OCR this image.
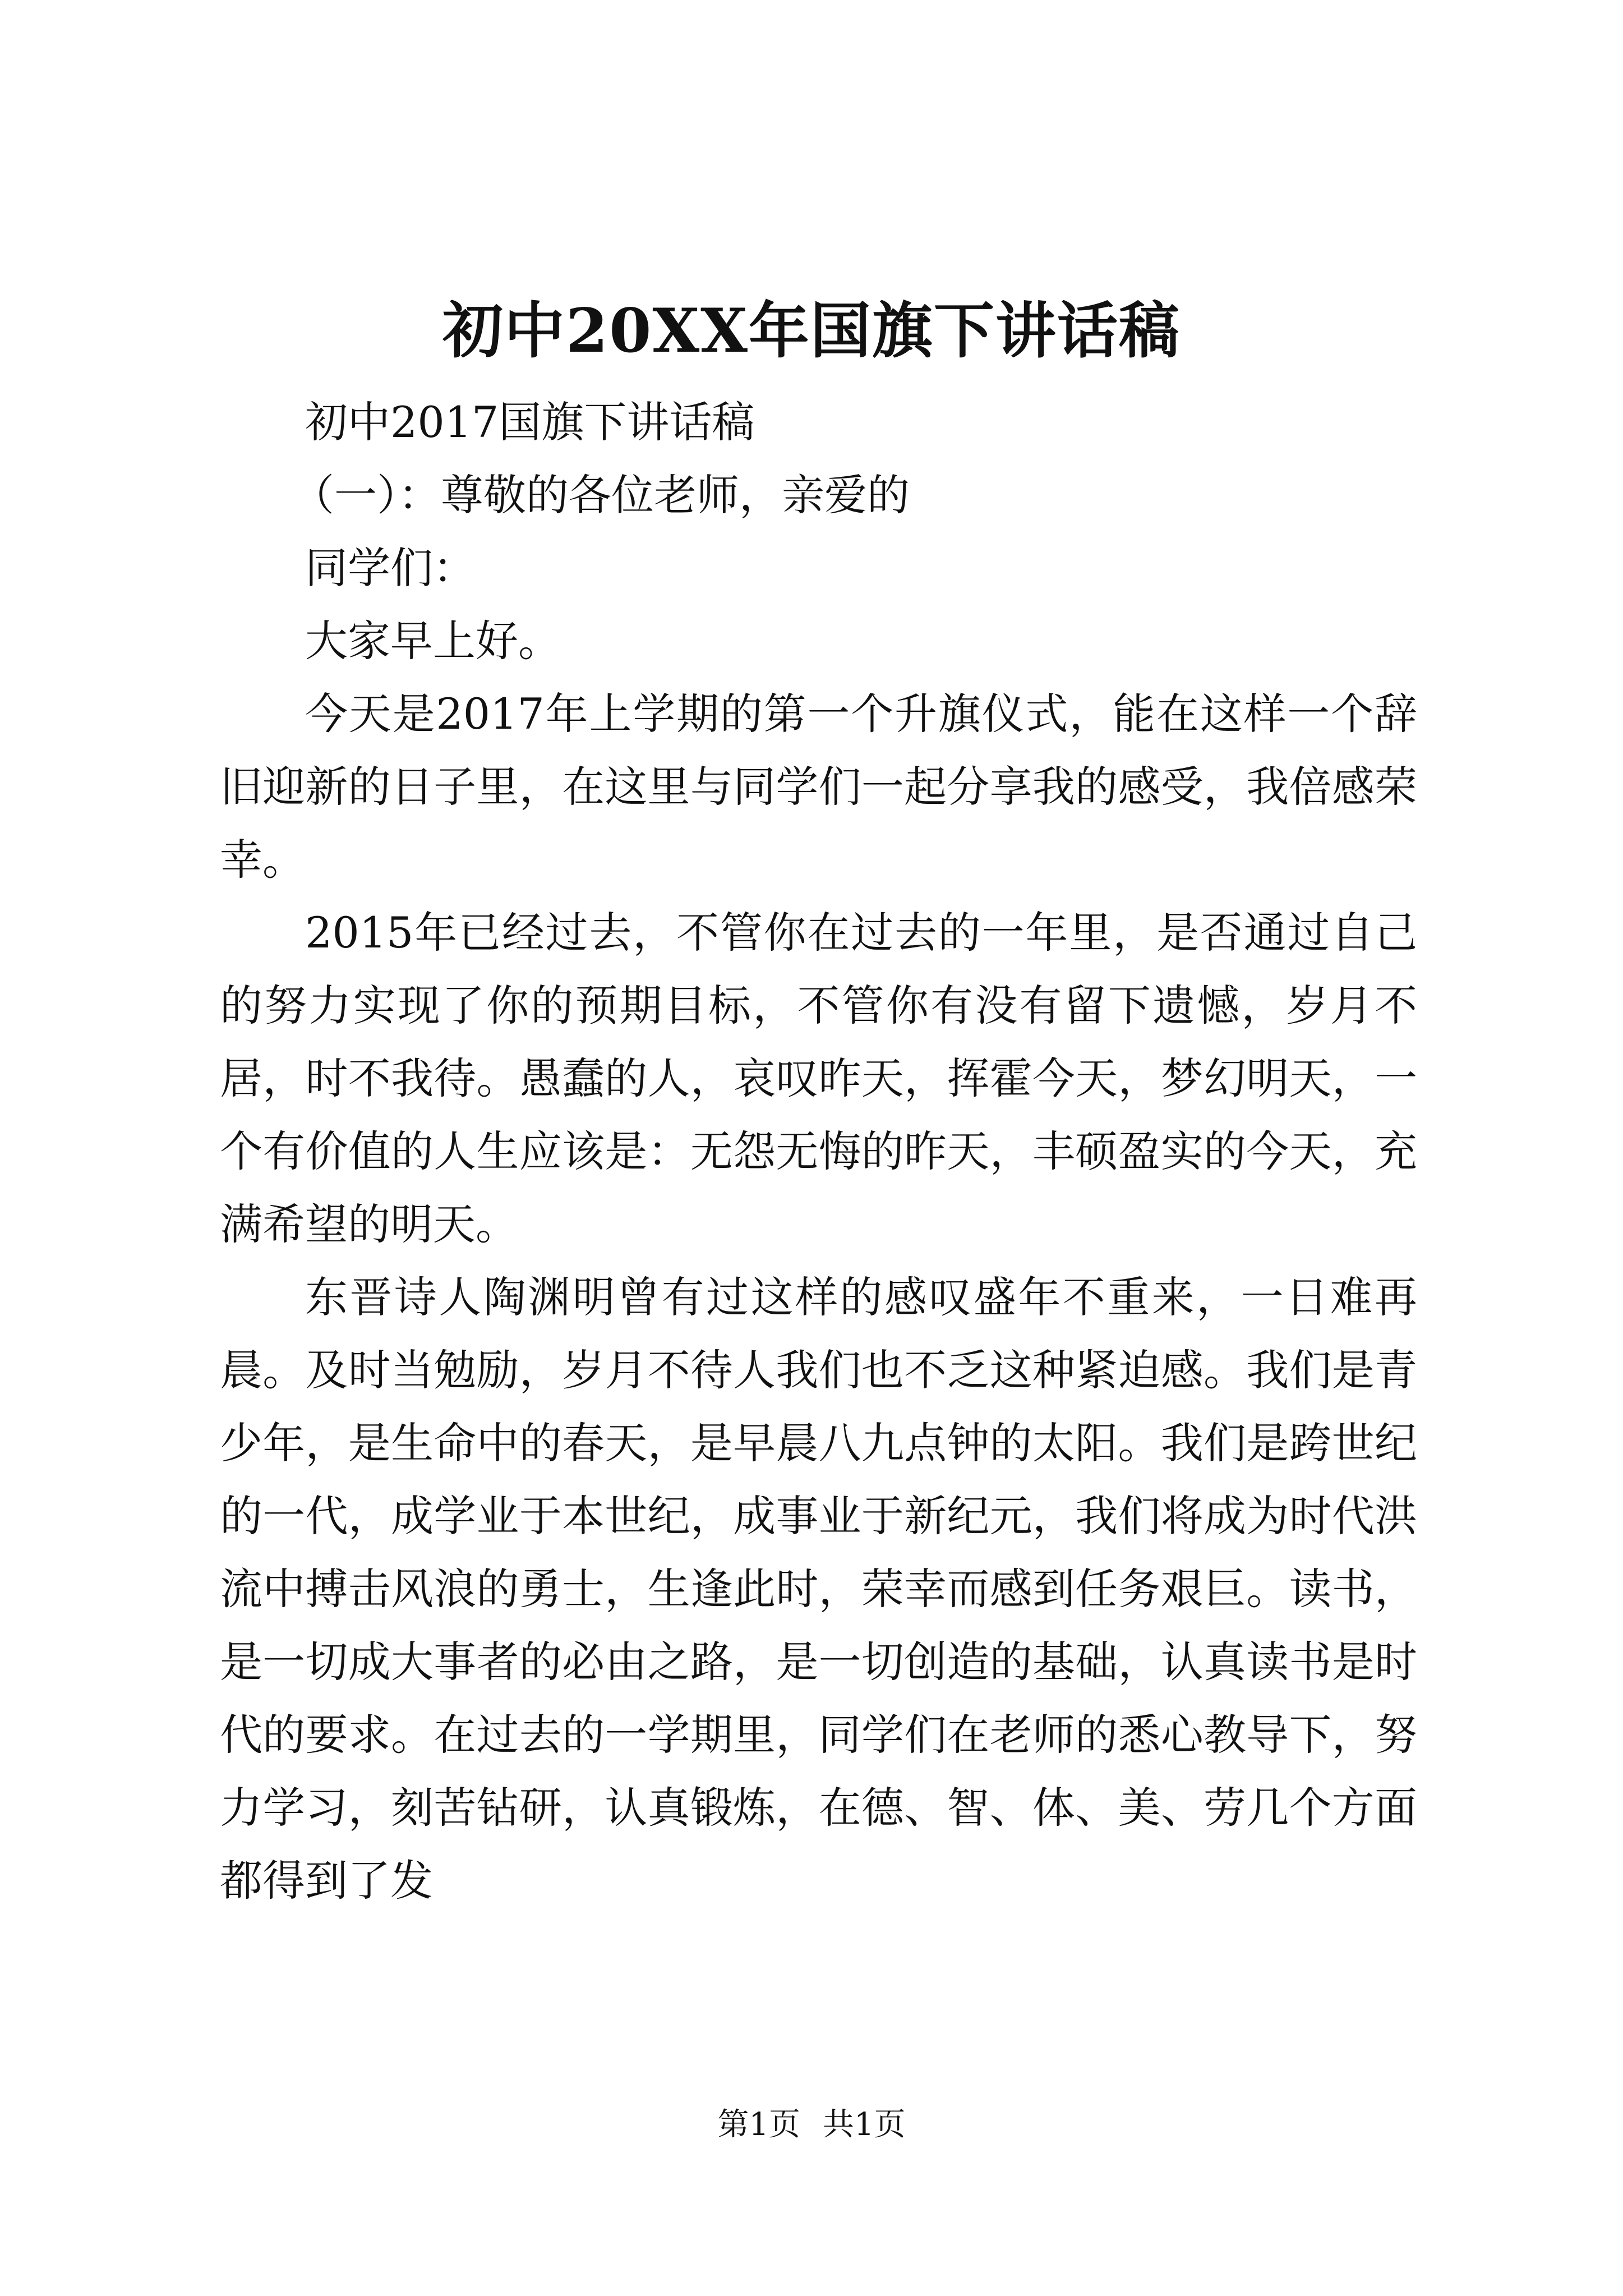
初中20XX年国旗下讲话稿

初中2017国旗下讲话稿

（一）：尊敬的各位老师，亲爱的

同学们：

大家早上好。

今天是2017年上学期的第一个升旗仪式，能在这样一个辞旧迎新的日子里，在这里与同学们一起分享我的感受，我倍感荣幸。

2015年已经过去，不管你在过去的一年里，是否通过自己的努力实现了你的预期目标，不管你有没有留下遗憾，岁月不居，时不我待。愚蠢的人，哀叹昨天，挥霍今天，梦幻明天，一个有价值的人生应该是：无怨无悔的昨天，丰硕盈实的今天，充满希望的明天。

东晋诗人陶渊明曾有过这样的感叹盛年不重来，一日难再晨。及时当勉励，岁月不待人我们也不乏这种紧迫感。我们是青少年，是生命中的春天，是早晨八九点钟的太阳。我们是跨世纪的一代，成学业于本世纪，成事业于新纪元，我们将成为时代洪流中搏击风浪的勇士，生逢此时，荣幸而感到任务艰巨。读书，是一切成大事者的必由之路，是一切创造的基础，认真读书是时代的要求。在过去的一学期里，同学们在老师的悉心教导下，努力学习，刻苦钻研，认真锻炼，在德、智、体、美、劳几个方面都得到了发

第1页 共1页
